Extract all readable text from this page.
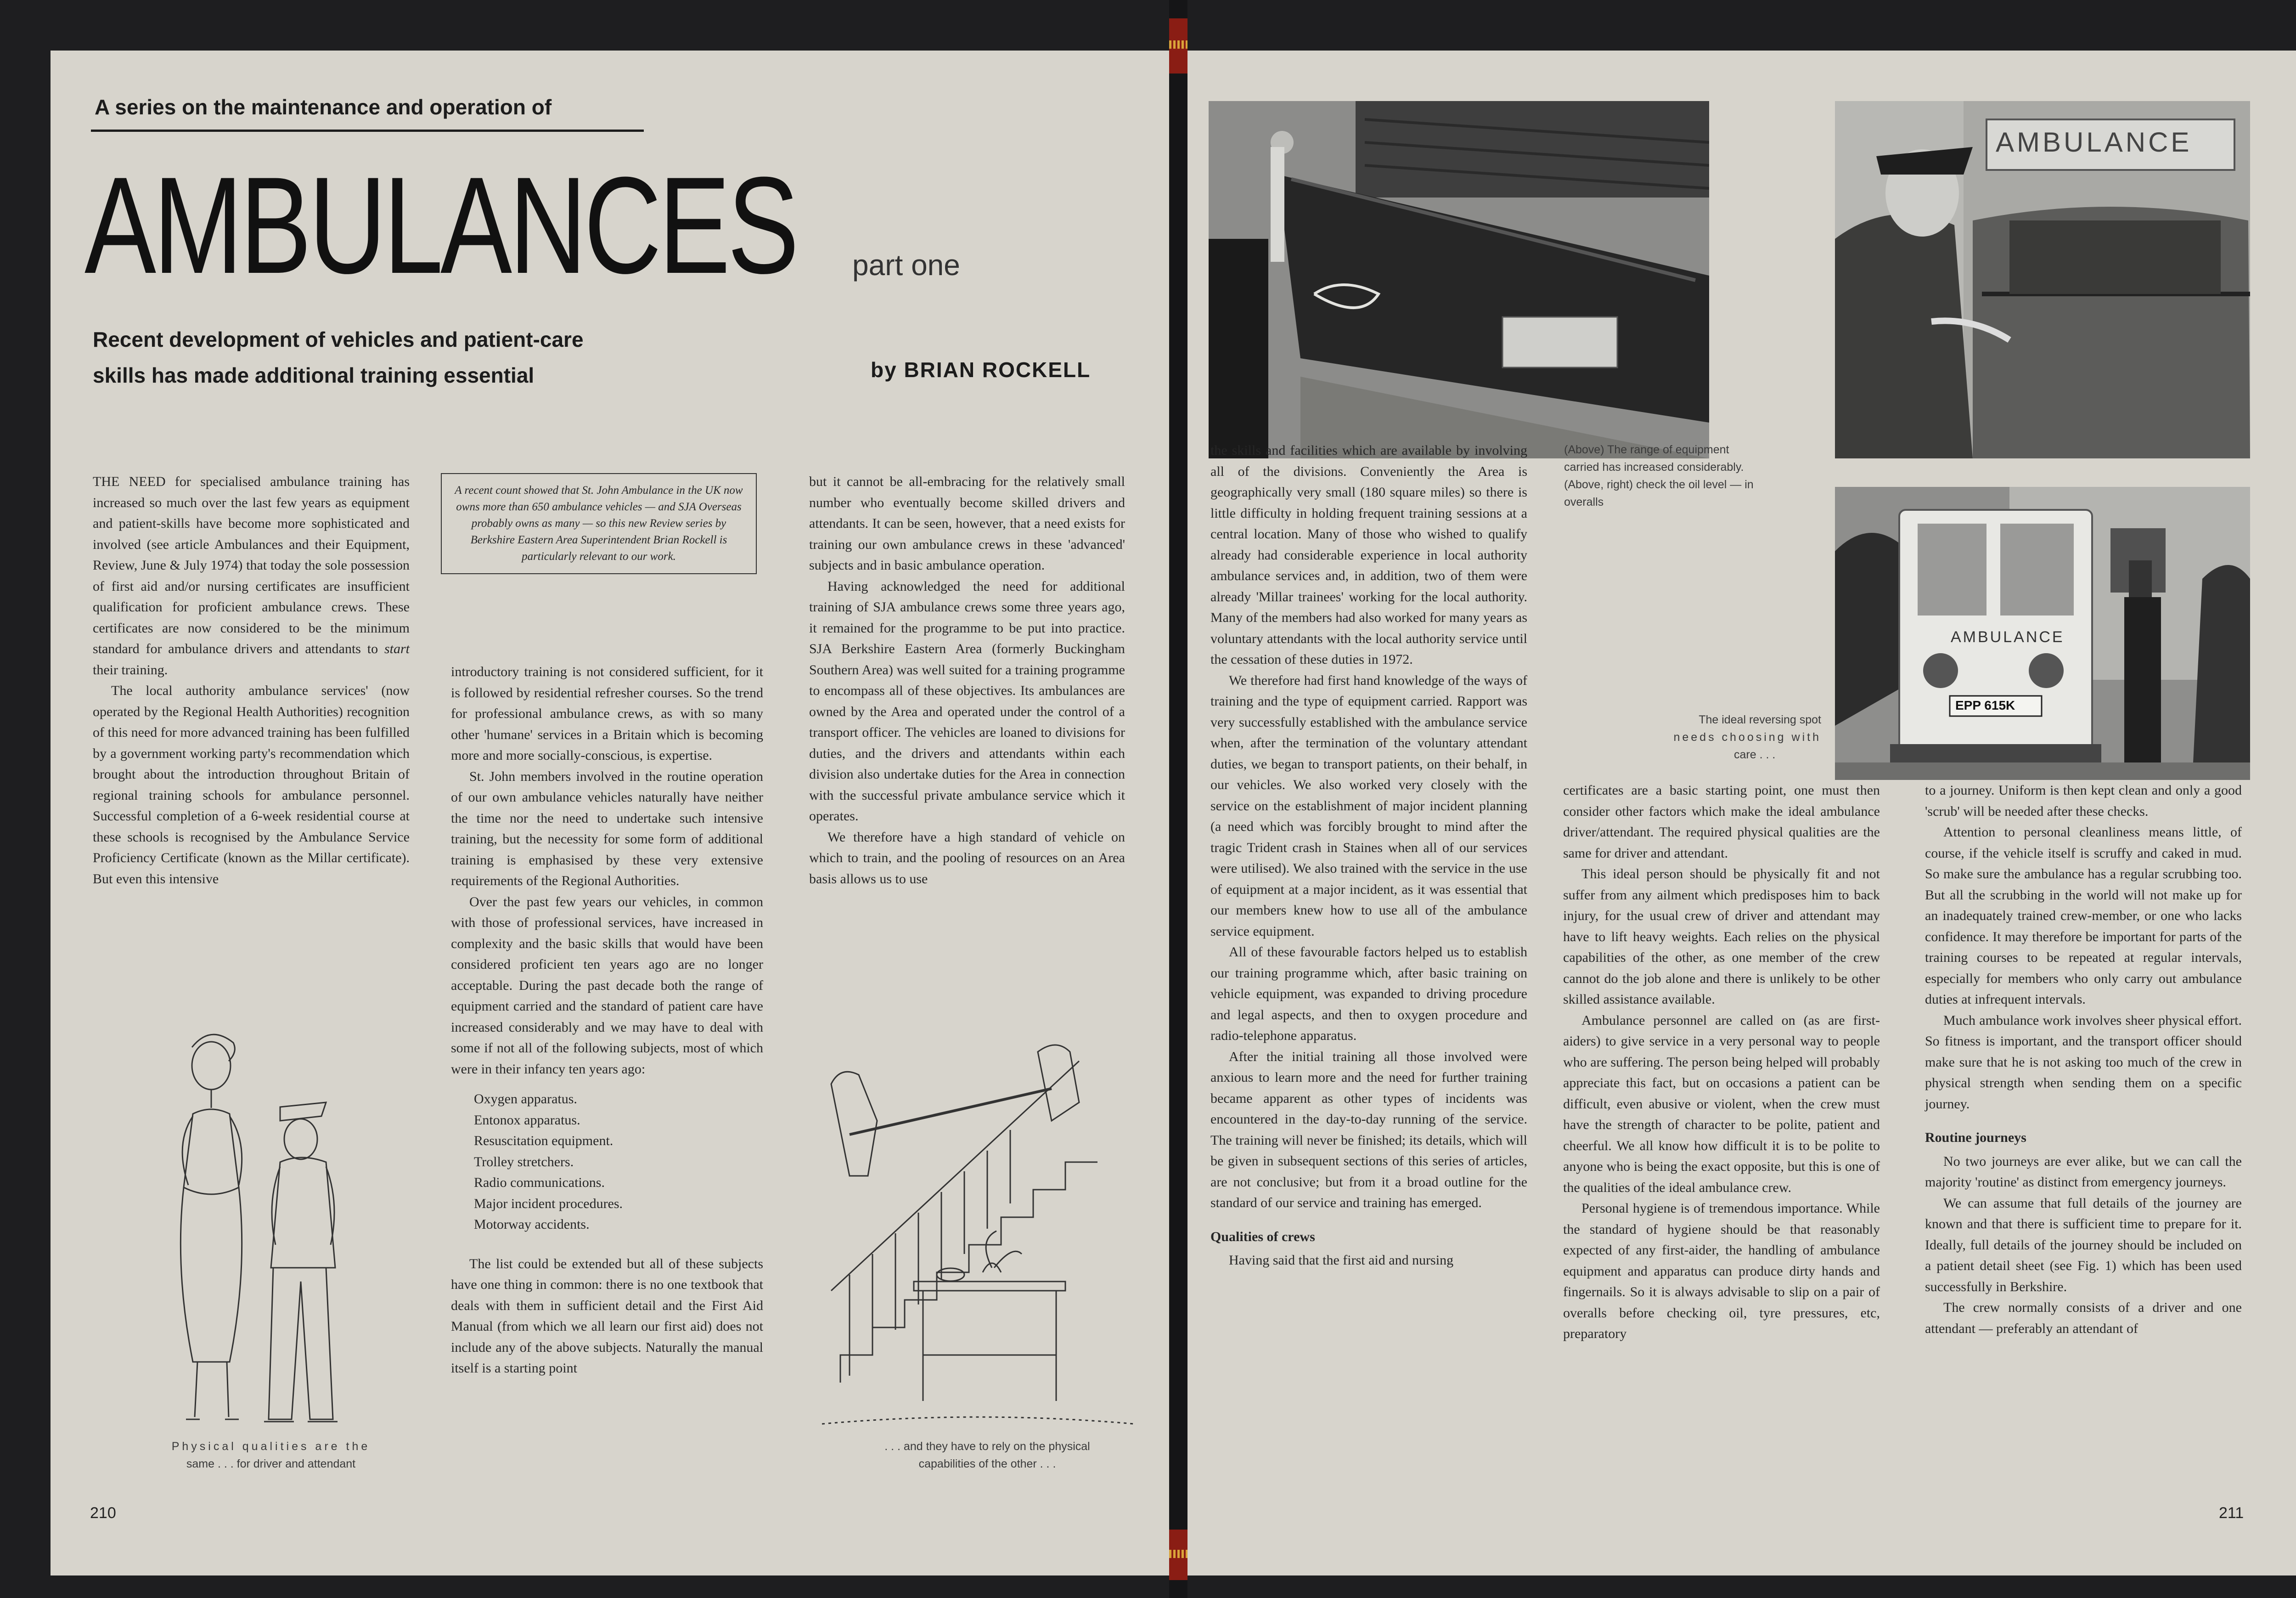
A series on the maintenance and operation of
AMBULANCES part one
Recent development of vehicles and patient-care
skills has made additional training essential	by BRIAN ROCKELL

THE NEED for specialised ambulance training has increased so much over the last few years as equipment and patient-skills have become more sophisticated and involved (see article Ambulances and their Equipment, Review, June & July 1974) that today the sole possession of first aid and/or nursing certificates are insufficient qualification for proficient ambulance crews. These certificates are now considered to be the minimum standard for ambulance drivers and attendants to start their training.

The local authority ambulance services' (now operated by the Regional Health Authorities) recognition of this need for more advanced training has been fulfilled by a government working party's recommendation which brought about the introduction throughout Britain of regional training schools for ambulance personnel. Successful completion of a 6-week residential course at these schools is recognised by the Ambulance Service Proficiency Certificate (known as the Millar certificate). But even this intensive

Physical qualities are the
same . . . for driver and attendant
A recent count showed that St. John Ambulance in the UK now owns more than 650 ambulance vehicles — and SJA Overseas probably owns as many — so this new Review series by Berkshire Eastern Area Superintendent Brian Rockell is particularly relevant to our work.

introductory training is not considered sufficient, for it is followed by residential refresher courses. So the trend for professional ambulance crews, as with so many other 'humane' services in a Britain which is becoming more and more socially-conscious, is expertise.

St. John members involved in the routine operation of our own ambulance vehicles naturally have neither the time nor the need to undertake such intensive training, but the necessity for some form of additional training is emphasised by these very extensive requirements of the Regional Authorities.

Over the past few years our vehicles, in common with those of professional services, have increased in complexity and the basic skills that would have been considered proficient ten years ago are no longer acceptable. During the past decade both the range of equipment carried and the standard of patient care have increased considerably and we may have to deal with some if not all of the following subjects, most of which were in their infancy ten years ago:

Oxygen apparatus.
Entonox apparatus.
Resuscitation equipment.
Trolley stretchers.
Radio communications.
Major incident procedures.
Motorway accidents.

The list could be extended but all of these subjects have one thing in common: there is no one textbook that deals with them in sufficient detail and the First Aid Manual (from which we all learn our first aid) does not include any of the above subjects. Naturally the manual itself is a starting point

but it cannot be all-embracing for the relatively small number who eventually become skilled drivers and attendants. It can be seen, however, that a need exists for training our own ambulance crews in these 'advanced' subjects and in basic ambulance operation.

Having acknowledged the need for additional training of SJA ambulance crews some three years ago, it remained for the programme to be put into practice. SJA Berkshire Eastern Area (formerly Buckingham Southern Area) was well suited for a training programme to encompass all of these objectives. Its ambulances are owned by the Area and operated under the control of a transport officer. The vehicles are loaned to divisions for duties, and the drivers and attendants within each division also undertake duties for the Area in connection with the successful private ambulance service which it operates.

We therefore have a high standard of vehicle on which to train, and the pooling of resources on an Area basis allows us to use

. . . and they have to rely on the physical
capabilities of the other . . .
210
AMBULANCE
(Above) The range of equipment
carried has increased considerably.
(Above, right) check the oil level — in
overalls
AMBULANCE
EPP 615K
The ideal reversing spot
needs choosing with
care . . .

the skills and facilities which are available by involving all of the divisions. Conveniently the Area is geographically very small (180 square miles) so there is little difficulty in holding frequent training sessions at a central location. Many of those who wished to qualify already had considerable experience in local authority ambulance services and, in addition, two of them were already 'Millar trainees' working for the local authority. Many of the members had also worked for many years as voluntary attendants with the local authority service until the cessation of these duties in 1972.

We therefore had first hand knowledge of the ways of training and the type of equipment carried. Rapport was very successfully established with the ambulance service when, after the termination of the voluntary attendant duties, we began to transport patients, on their behalf, in our vehicles. We also worked very closely with the service on the establishment of major incident planning (a need which was forcibly brought to mind after the tragic Trident crash in Staines when all of our services were utilised). We also trained with the service in the use of equipment at a major incident, as it was essential that our members knew how to use all of the ambulance service equipment.

All of these favourable factors helped us to establish our training programme which, after basic training on vehicle equipment, was expanded to driving procedure and legal aspects, and then to oxygen procedure and radio-telephone apparatus.

After the initial training all those involved were anxious to learn more and the need for further training became apparent as other types of incidents was encountered in the day-to-day running of the service. The training will never be finished; its details, which will be given in subsequent sections of this series of articles, are not conclusive; but from it a broad outline for the standard of our service and training has emerged.

Qualities of crews

Having said that the first aid and nursing

certificates are a basic starting point, one must then consider other factors which make the ideal ambulance driver/attendant. The required physical qualities are the same for driver and attendant.

This ideal person should be physically fit and not suffer from any ailment which predisposes him to back injury, for the usual crew of driver and attendant may have to lift heavy weights. Each relies on the physical capabilities of the other, as one member of the crew cannot do the job alone and there is unlikely to be other skilled assistance available.

Ambulance personnel are called on (as are first-aiders) to give service in a very personal way to people who are suffering. The person being helped will probably appreciate this fact, but on occasions a patient can be difficult, even abusive or violent, when the crew must have the strength of character to be polite, patient and cheerful. We all know how difficult it is to be polite to anyone who is being the exact opposite, but this is one of the qualities of the ideal ambulance crew.

Personal hygiene is of tremendous importance. While the standard of hygiene should be that reasonably expected of any first-aider, the handling of ambulance equipment and apparatus can produce dirty hands and fingernails. So it is always advisable to slip on a pair of overalls before checking oil, tyre pressures, etc, preparatory

to a journey. Uniform is then kept clean and only a good 'scrub' will be needed after these checks.

Attention to personal cleanliness means little, of course, if the vehicle itself is scruffy and caked in mud. So make sure the ambulance has a regular scrubbing too. But all the scrubbing in the world will not make up for an inadequately trained crew-member, or one who lacks confidence. It may therefore be important for parts of the training courses to be repeated at regular intervals, especially for members who only carry out ambulance duties at infrequent intervals.

Much ambulance work involves sheer physical effort. So fitness is important, and the transport officer should make sure that he is not asking too much of the crew in physical strength when sending them on a specific journey.

Routine journeys

No two journeys are ever alike, but we can call the majority 'routine' as distinct from emergency journeys.

We can assume that full details of the journey are known and that there is sufficient time to prepare for it. Ideally, full details of the journey should be included on a patient detail sheet (see Fig. 1) which has been used successfully in Berkshire.

The crew normally consists of a driver and one attendant — preferably an attendant of

211
